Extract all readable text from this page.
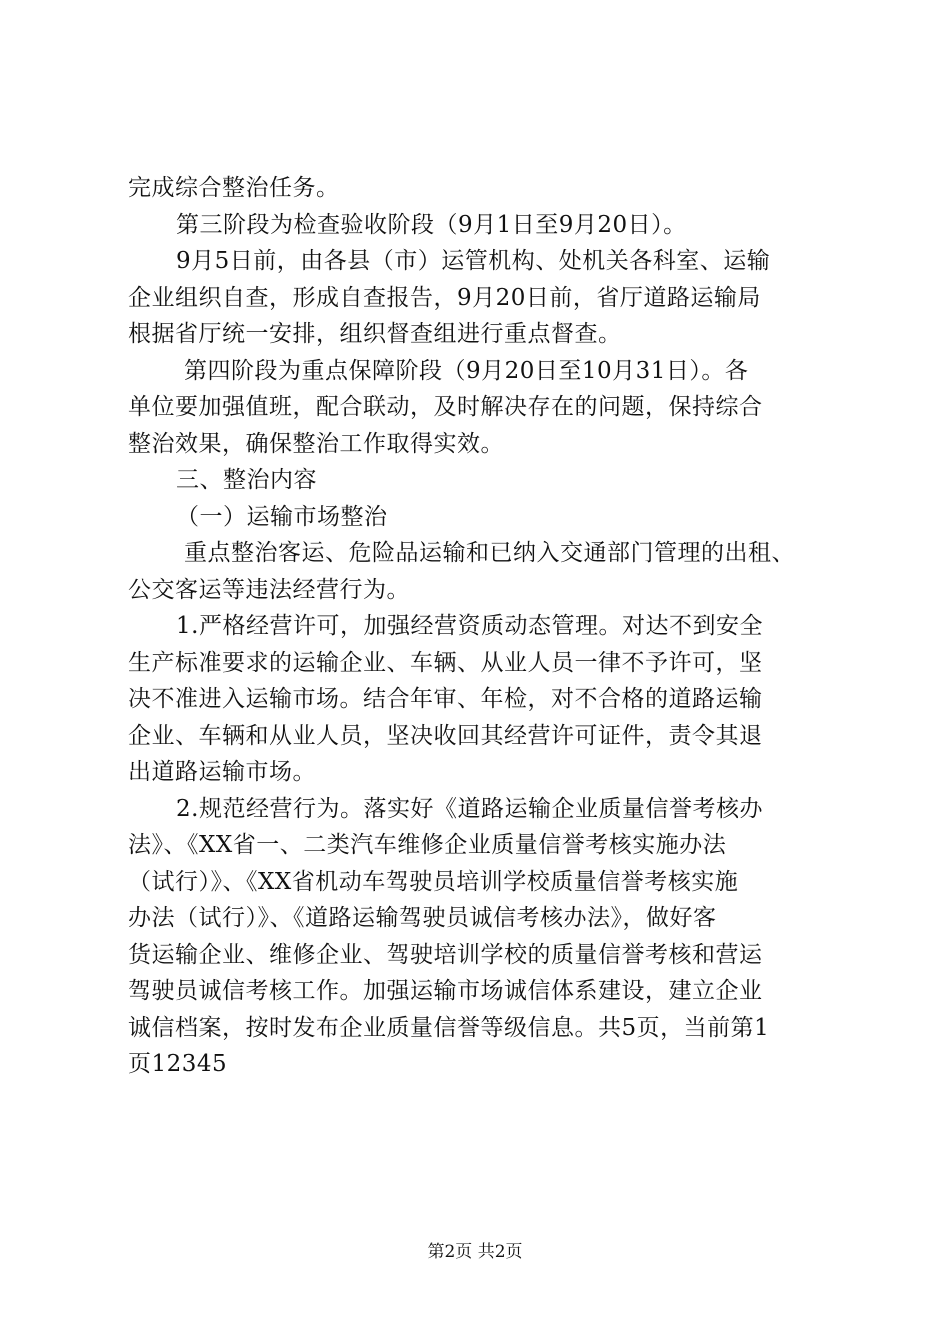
完成综合整治任务。
第三阶段为检查验收阶段（9月1日至9月20日）。
9月5日前，由各县（市）运管机构、处机关各科室、运输
企业组织自查，形成自查报告，9月20日前，省厅道路运输局
根据省厅统一安排，组织督查组进行重点督查。
第四阶段为重点保障阶段（9月20日至10月31日）。各
单位要加强值班，配合联动，及时解决存在的问题，保持综合
整治效果，确保整治工作取得实效。
三、整治内容
（一）运输市场整治
重点整治客运、危险品运输和已纳入交通部门管理的出租、
公交客运等违法经营行为。
1.严格经营许可，加强经营资质动态管理。对达不到安全
生产标准要求的运输企业、车辆、从业人员一律不予许可，坚
决不准进入运输市场。结合年审、年检，对不合格的道路运输
企业、车辆和从业人员，坚决收回其经营许可证件，责令其退
出道路运输市场。
2.规范经营行为。落实好《道路运输企业质量信誉考核办
法》、《XX省一、二类汽车维修企业质量信誉考核实施办法
（试行）》、《XX省机动车驾驶员培训学校质量信誉考核实施
办法（试行）》、《道路运输驾驶员诚信考核办法》，做好客
货运输企业、维修企业、驾驶培训学校的质量信誉考核和营运
驾驶员诚信考核工作。加强运输市场诚信体系建设，建立企业
诚信档案，按时发布企业质量信誉等级信息。共5页，当前第1
页12345
第2页 共2页
